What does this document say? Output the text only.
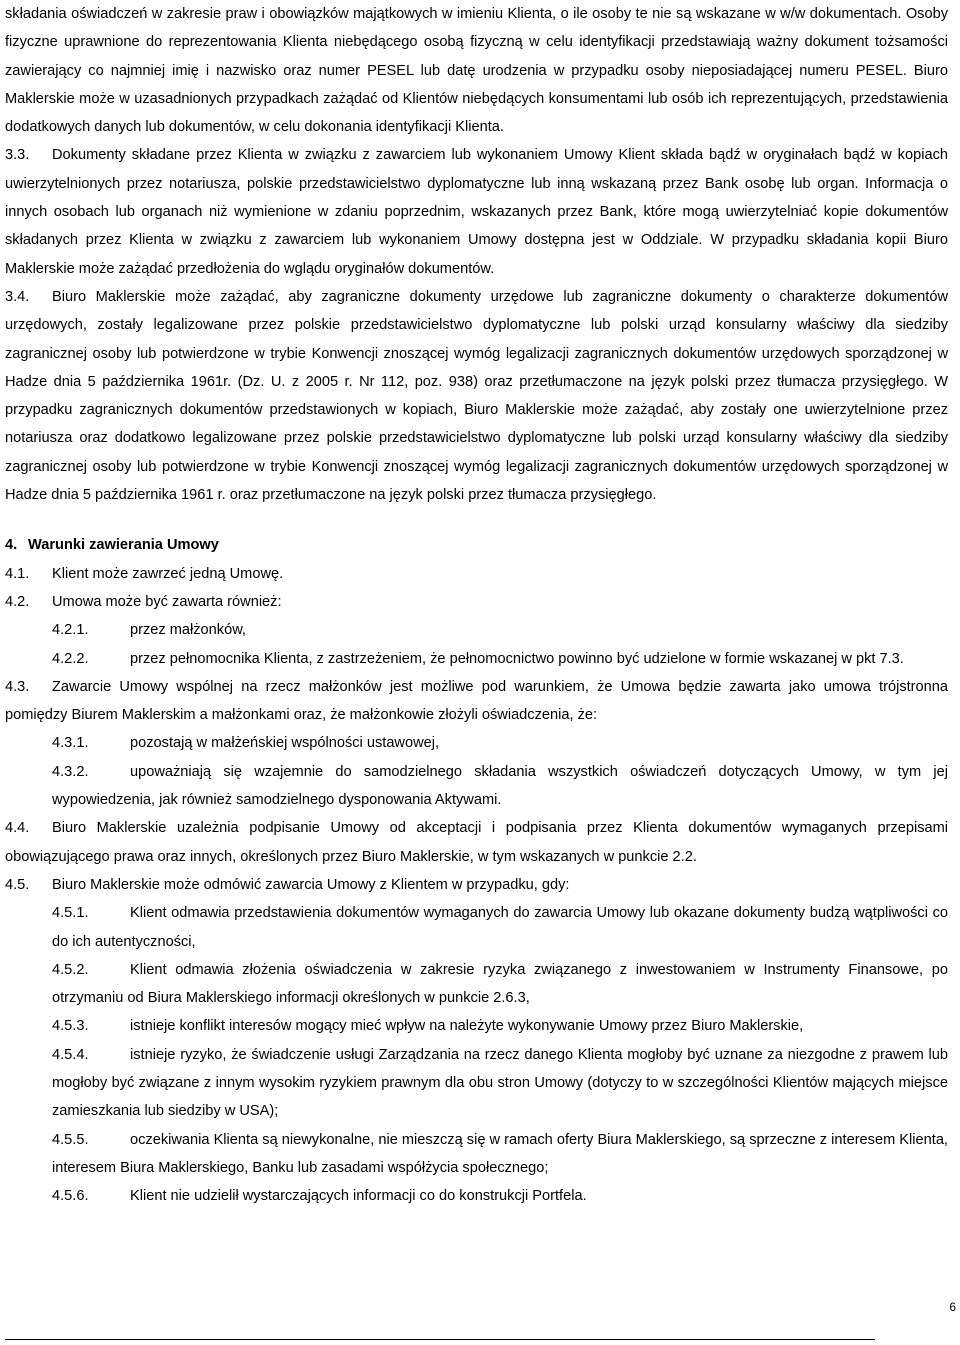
składania oświadczeń w zakresie praw i obowiązków majątkowych w imieniu Klienta, o ile osoby te nie są wskazane w w/w dokumentach. Osoby fizyczne uprawnione do reprezentowania Klienta niebędącego osobą fizyczną w celu identyfikacji przedstawiają ważny dokument tożsamości zawierający co najmniej imię i nazwisko oraz numer PESEL lub datę urodzenia w przypadku osoby nieposiadającej numeru PESEL. Biuro Maklerskie może w uzasadnionych przypadkach zażądać od Klientów niebędących konsumentami lub osób ich reprezentujących, przedstawienia dodatkowych danych lub dokumentów, w celu dokonania identyfikacji Klienta.

3.3. Dokumenty składane przez Klienta w związku z zawarciem lub wykonaniem Umowy Klient składa bądź w oryginałach bądź w kopiach uwierzytelnionych przez notariusza, polskie przedstawicielstwo dyplomatyczne lub inną wskazaną przez Bank osobę lub organ. Informacja o innych osobach lub organach niż wymienione w zdaniu poprzednim, wskazanych przez Bank, które mogą uwierzytelniać kopie dokumentów składanych przez Klienta w związku z zawarciem lub wykonaniem Umowy dostępna jest w Oddziale. W przypadku składania kopii Biuro Maklerskie może zażądać przedłożenia do wglądu oryginałów dokumentów.

3.4. Biuro Maklerskie może zażądać, aby zagraniczne dokumenty urzędowe lub zagraniczne dokumenty o charakterze dokumentów urzędowych, zostały legalizowane przez polskie przedstawicielstwo dyplomatyczne lub polski urząd konsularny właściwy dla siedziby zagranicznej osoby lub potwierdzone w trybie Konwencji znoszącej wymóg legalizacji zagranicznych dokumentów urzędowych sporządzonej w Hadze dnia 5 października 1961r. (Dz. U. z 2005 r. Nr 112, poz. 938) oraz przetłumaczone na język polski przez tłumacza przysięgłego. W przypadku zagranicznych dokumentów przedstawionych w kopiach, Biuro Maklerskie może zażądać, aby zostały one uwierzytelnione przez notariusza oraz dodatkowo legalizowane przez polskie przedstawicielstwo dyplomatyczne lub polski urząd konsularny właściwy dla siedziby zagranicznej osoby lub potwierdzone w trybie Konwencji znoszącej wymóg legalizacji zagranicznych dokumentów urzędowych sporządzonej w Hadze dnia 5 października 1961 r. oraz przetłumaczone na język polski przez tłumacza przysięgłego.

4. Warunki zawierania Umowy

4.1. Klient może zawrzeć jedną Umowę.

4.2. Umowa może być zawarta również:

4.2.1.	przez małżonków,

4.2.2.	przez pełnomocnika Klienta, z zastrzeżeniem, że pełnomocnictwo powinno być udzielone w formie wskazanej w pkt 7.3.

4.3. Zawarcie Umowy wspólnej na rzecz małżonków jest możliwe pod warunkiem, że Umowa będzie zawarta jako umowa trójstronna pomiędzy Biurem Maklerskim a małżonkami oraz, że małżonkowie złożyli oświadczenia, że:

4.3.1.	pozostają w małżeńskiej wspólności ustawowej,

4.3.2.	upoważniają się wzajemnie do samodzielnego składania wszystkich oświadczeń dotyczących Umowy, w tym jej wypowiedzenia, jak również samodzielnego dysponowania Aktywami.

4.4. Biuro Maklerskie uzależnia podpisanie Umowy od akceptacji i podpisania przez Klienta dokumentów wymaganych przepisami obowiązującego prawa oraz innych, określonych przez Biuro Maklerskie, w tym wskazanych w punkcie 2.2.

4.5. Biuro Maklerskie może odmówić zawarcia Umowy z Klientem w przypadku, gdy:

4.5.1.	Klient odmawia przedstawienia dokumentów wymaganych do zawarcia Umowy lub okazane dokumenty budzą wątpliwości co do ich autentyczności,

4.5.2.	Klient odmawia złożenia oświadczenia w zakresie ryzyka związanego z inwestowaniem w Instrumenty Finansowe, po otrzymaniu od Biura Maklerskiego informacji określonych w punkcie 2.6.3,

4.5.3.	istnieje konflikt interesów mogący mieć wpływ na należyte wykonywanie Umowy przez Biuro Maklerskie,

4.5.4.	istnieje ryzyko, że świadczenie usługi Zarządzania na rzecz danego Klienta mogłoby być uznane za niezgodne z prawem lub mogłoby być związane z innym wysokim ryzykiem prawnym dla obu stron Umowy (dotyczy to w szczególności Klientów mających miejsce zamieszkania lub siedziby w USA);

4.5.5.	oczekiwania Klienta są niewykonalne, nie mieszczą się w ramach oferty Biura Maklerskiego, są sprzeczne z interesem Klienta, interesem Biura Maklerskiego, Banku lub zasadami współżycia społecznego;

4.5.6.	Klient nie udzielił wystarczających informacji co do konstrukcji Portfela.

6
